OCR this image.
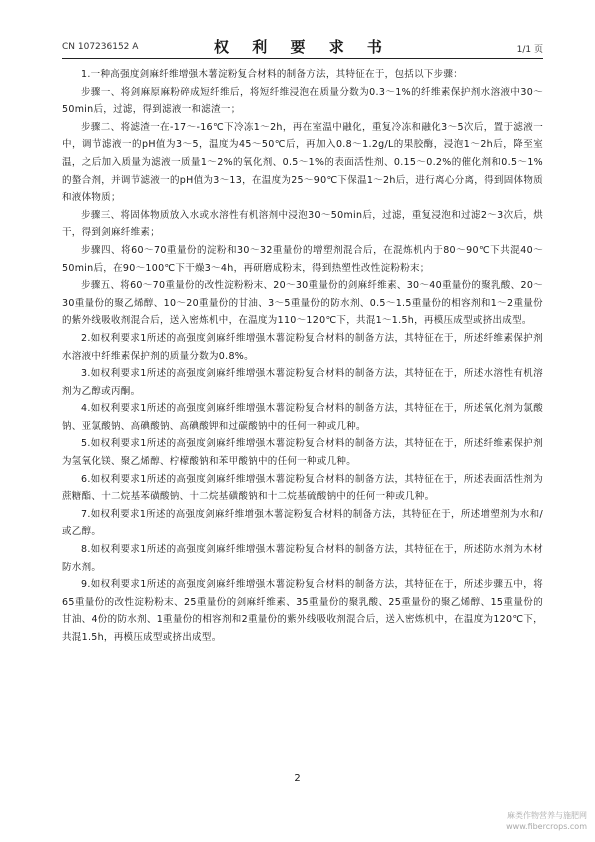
CN 107236152 A	权 利 要 求 书	1/1 页

1.一种高强度剑麻纤维增强木薯淀粉复合材料的制备方法，其特征在于，包括以下步骤：

步骤一、将剑麻原麻粉碎成短纤维后，将短纤维浸泡在质量分数为0.3～1%的纤维素保护剂水溶液中30～50min后，过滤，得到滤液一和滤渣一；

步骤二、将滤渣一在-17～-16℃下冷冻1～2h，再在室温中融化，重复冷冻和融化3～5次后，置于滤液一中，调节滤液一的pH值为3～5，温度为45～50℃后，再加入0.8～1.2g/L的果胶酶，浸泡1～2h后，降至室温，之后加入质量为滤液一质量1～2%的氧化剂、0.5～1%的表面活性剂、0.15～0.2%的催化剂和0.5～1%的螯合剂，并调节滤液一的pH值为3～13，在温度为25～90℃下保温1～2h后，进行离心分离，得到固体物质和液体物质；

步骤三、将固体物质放入水或水溶性有机溶剂中浸泡30～50min后，过滤，重复浸泡和过滤2～3次后，烘干，得到剑麻纤维素；

步骤四、将60～70重量份的淀粉和30～32重量份的增塑剂混合后，在混炼机内于80～90℃下共混40～50min后，在90～100℃下干燥3～4h，再研磨成粉末，得到热塑性改性淀粉粉末；

步骤五、将60～70重量份的改性淀粉粉末、20～30重量份的剑麻纤维素、30～40重量份的聚乳酸、20～30重量份的聚乙烯醇、10～20重量份的甘油、3～5重量份的防水剂、0.5～1.5重量份的相容剂和1～2重量份的紫外线吸收剂混合后，送入密炼机中，在温度为110～120℃下，共混1～1.5h，再模压成型或挤出成型。

2.如权利要求1所述的高强度剑麻纤维增强木薯淀粉复合材料的制备方法，其特征在于，所述纤维素保护剂水溶液中纤维素保护剂的质量分数为0.8%。

3.如权利要求1所述的高强度剑麻纤维增强木薯淀粉复合材料的制备方法，其特征在于，所述水溶性有机溶剂为乙醇或丙酮。

4.如权利要求1所述的高强度剑麻纤维增强木薯淀粉复合材料的制备方法，其特征在于，所述氧化剂为氯酸钠、亚氯酸钠、高碘酸钠、高碘酸钾和过碳酸钠中的任何一种或几种。

5.如权利要求1所述的高强度剑麻纤维增强木薯淀粉复合材料的制备方法，其特征在于，所述纤维素保护剂为氢氧化镁、聚乙烯醇、柠檬酸钠和苯甲酸钠中的任何一种或几种。

6.如权利要求1所述的高强度剑麻纤维增强木薯淀粉复合材料的制备方法，其特征在于，所述表面活性剂为蔗糖酯、十二烷基苯磺酸钠、十二烷基磺酸钠和十二烷基硫酸钠中的任何一种或几种。

7.如权利要求1所述的高强度剑麻纤维增强木薯淀粉复合材料的制备方法，其特征在于，所述增塑剂为水和/或乙醇。

8.如权利要求1所述的高强度剑麻纤维增强木薯淀粉复合材料的制备方法，其特征在于，所述防水剂为木材防水剂。

9.如权利要求1所述的高强度剑麻纤维增强木薯淀粉复合材料的制备方法，其特征在于，所述步骤五中，将65重量份的改性淀粉粉末、25重量份的剑麻纤维素、35重量份的聚乳酸、25重量份的聚乙烯醇、15重量份的甘油、4份的防水剂、1重量份的相容剂和2重量份的紫外线吸收剂混合后，送入密炼机中，在温度为120℃下，共混1.5h，再模压成型或挤出成型。

2
麻类作物营养与施肥网
www.fibercrops.com
